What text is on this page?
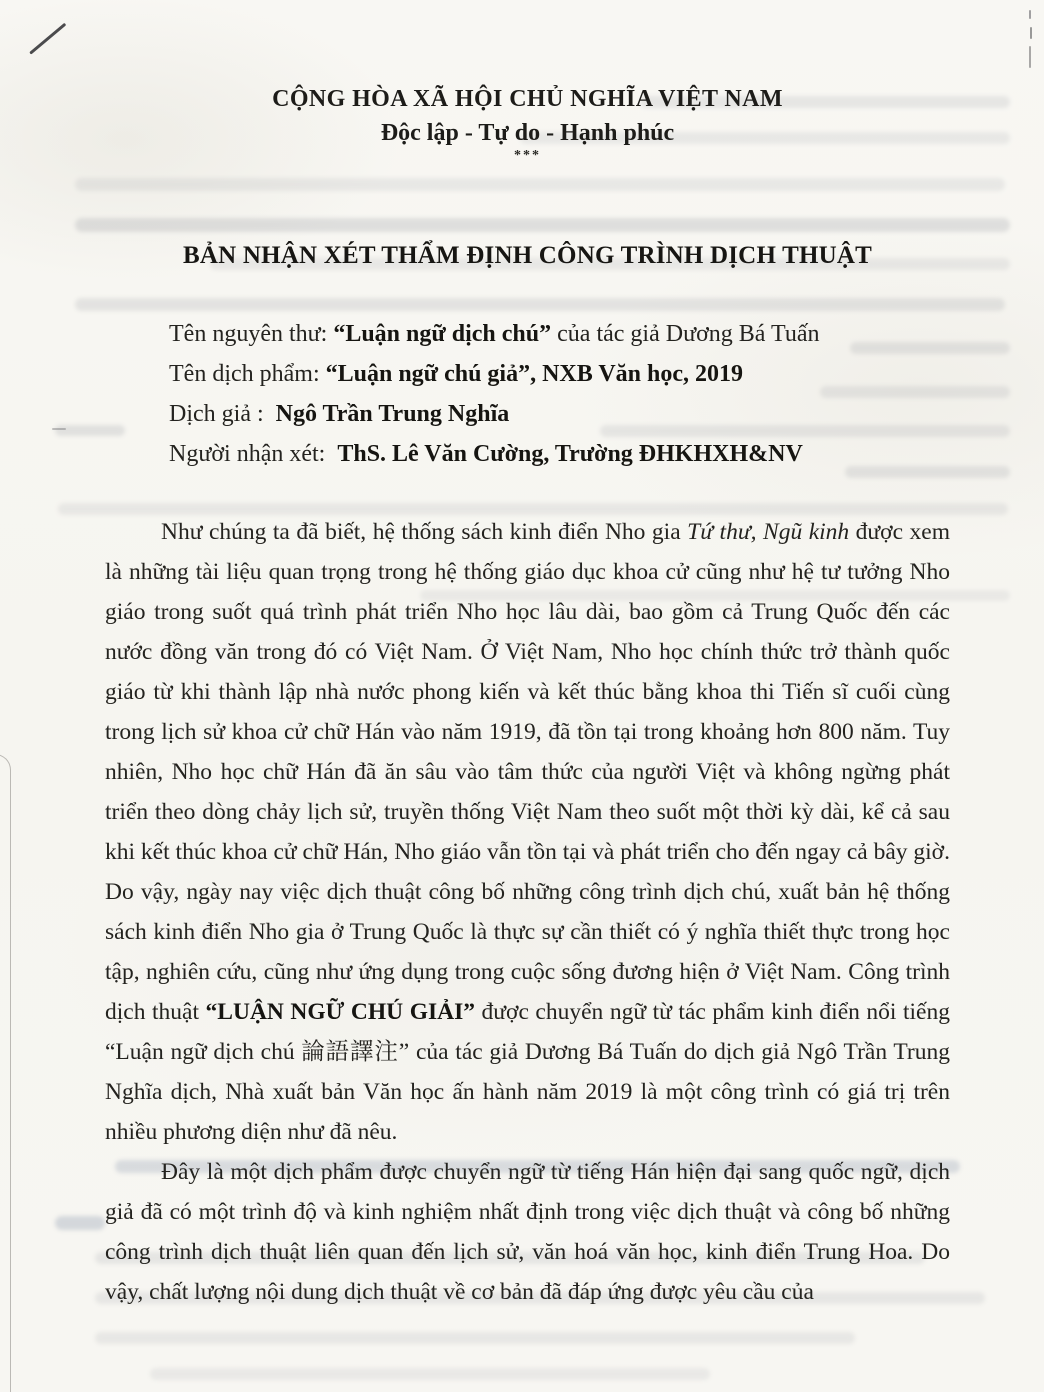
CỘNG HÒA XÃ HỘI CHỦ NGHĨA VIỆT NAM
Độc lập - Tự do - Hạnh phúc
***
BẢN NHẬN XÉT THẨM ĐỊNH CÔNG TRÌNH DỊCH THUẬT
Tên nguyên thư: “Luận ngữ dịch chú” của tác giả Dương Bá Tuấn
Tên dịch phẩm: “Luận ngữ chú giả”, NXB Văn học, 2019
Dịch giả :  Ngô Trần Trung Nghĩa
Người nhận xét:  ThS. Lê Văn Cường, Trường ĐHKHXH&NV

Như chúng ta đã biết, hệ thống sách kinh điển Nho gia Tứ thư, Ngũ kinh được xem là những tài liệu quan trọng trong hệ thống giáo dục khoa cử cũng như hệ tư tưởng Nho giáo trong suốt quá trình phát triển Nho học lâu dài, bao gồm cả Trung Quốc đến các nước đồng văn trong đó có Việt Nam. Ở Việt Nam, Nho học chính thức trở thành quốc giáo từ khi thành lập nhà nước phong kiến và kết thúc bằng khoa thi Tiến sĩ cuối cùng trong lịch sử khoa cử chữ Hán vào năm 1919, đã tồn tại trong khoảng hơn 800 năm. Tuy nhiên, Nho học chữ Hán đã ăn sâu vào tâm thức của người Việt và không ngừng phát triển theo dòng chảy lịch sử, truyền thống Việt Nam theo suốt một thời kỳ dài, kể cả sau khi kết thúc khoa cử chữ Hán, Nho giáo vẫn tồn tại và phát triển cho đến ngay cả bây giờ. Do vậy, ngày nay việc dịch thuật công bố những công trình dịch chú, xuất bản hệ thống sách kinh điển Nho gia ở Trung Quốc là thực sự cần thiết có ý nghĩa thiết thực trong học tập, nghiên cứu, cũng như ứng dụng trong cuộc sống đương hiện ở Việt Nam. Công trình dịch thuật “LUẬN NGỮ CHÚ GIẢI” được chuyển ngữ từ tác phẩm kinh điển nổi tiếng “Luận ngữ dịch chú 論語譯注” của tác giả Dương Bá Tuấn do dịch giả Ngô Trần Trung Nghĩa dịch, Nhà xuất bản Văn học ấn hành năm 2019 là một công trình có giá trị trên nhiều phương diện như đã nêu.

Đây là một dịch phẩm được chuyển ngữ từ tiếng Hán hiện đại sang quốc ngữ, dịch giả đã có một trình độ và kinh nghiệm nhất định trong việc dịch thuật và công bố những công trình dịch thuật liên quan đến lịch sử, văn hoá văn học, kinh điển Trung Hoa. Do vậy, chất lượng nội dung dịch thuật về cơ bản đã đáp ứng được yêu cầu của
